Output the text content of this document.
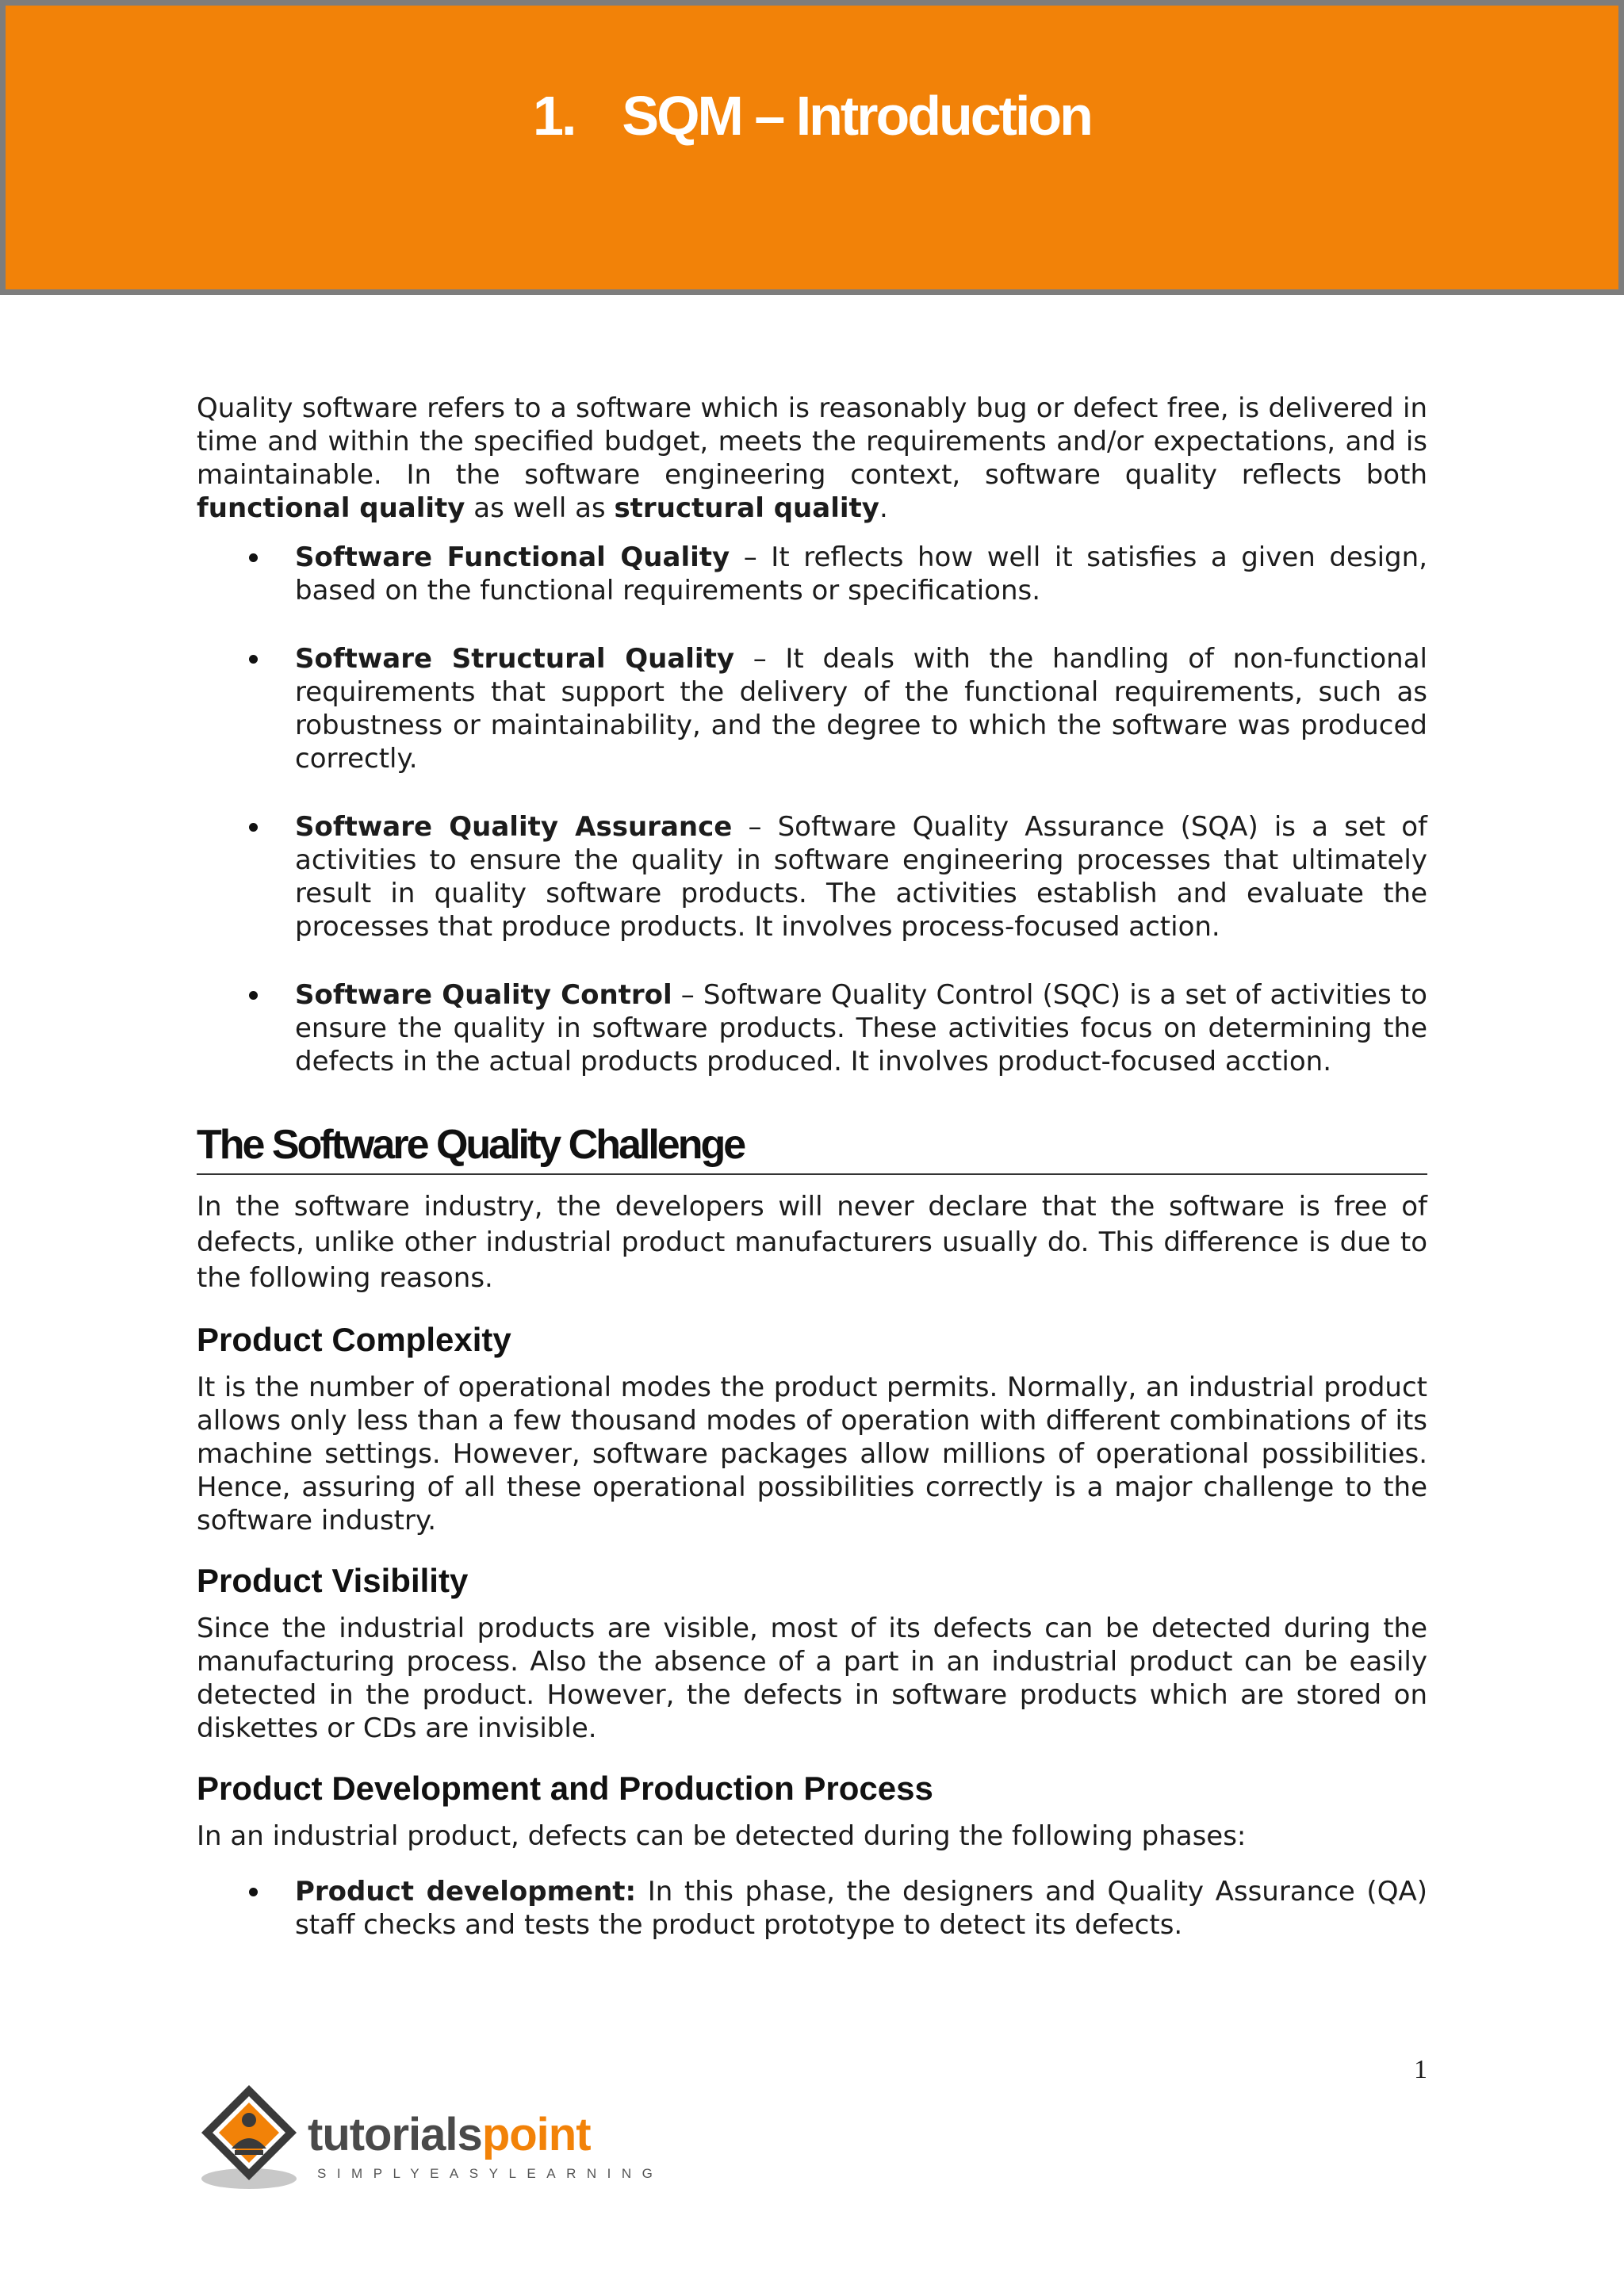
1. SQM – Introduction

Quality software refers to a software which is reasonably bug or defect free, is delivered in time and within the specified budget, meets the requirements and/or expectations, and is maintainable. In the software engineering context, software quality reflects both functional quality as well as structural quality.

Software Functional Quality – It reflects how well it satisfies a given design, based on the functional requirements or specifications.
Software Structural Quality – It deals with the handling of non-functional requirements that support the delivery of the functional requirements, such as robustness or maintainability, and the degree to which the software was produced correctly.
Software Quality Assurance – Software Quality Assurance (SQA) is a set of activities to ensure the quality in software engineering processes that ultimately result in quality software products. The activities establish and evaluate the processes that produce products. It involves process-focused action.
Software Quality Control – Software Quality Control (SQC) is a set of activities to ensure the quality in software products. These activities focus on determining the defects in the actual products produced. It involves product-focused acction.
The Software Quality Challenge

In the software industry, the developers will never declare that the software is free of defects, unlike other industrial product manufacturers usually do. This difference is due to the following reasons.

Product Complexity

It is the number of operational modes the product permits. Normally, an industrial product allows only less than a few thousand modes of operation with different combinations of its machine settings. However, software packages allow millions of operational possibilities. Hence, assuring of all these operational possibilities correctly is a major challenge to the software industry.

Product Visibility

Since the industrial products are visible, most of its defects can be detected during the manufacturing process. Also the absence of a part in an industrial product can be easily detected in the product. However, the defects in software products which are stored on diskettes or CDs are invisible.

Product Development and Production Process

In an industrial product, defects can be detected during the following phases:

Product development: In this phase, the designers and Quality Assurance (QA) staff checks and tests the product prototype to detect its defects.
1
tutorialspoint
SIMPLYEASYLEARNING
